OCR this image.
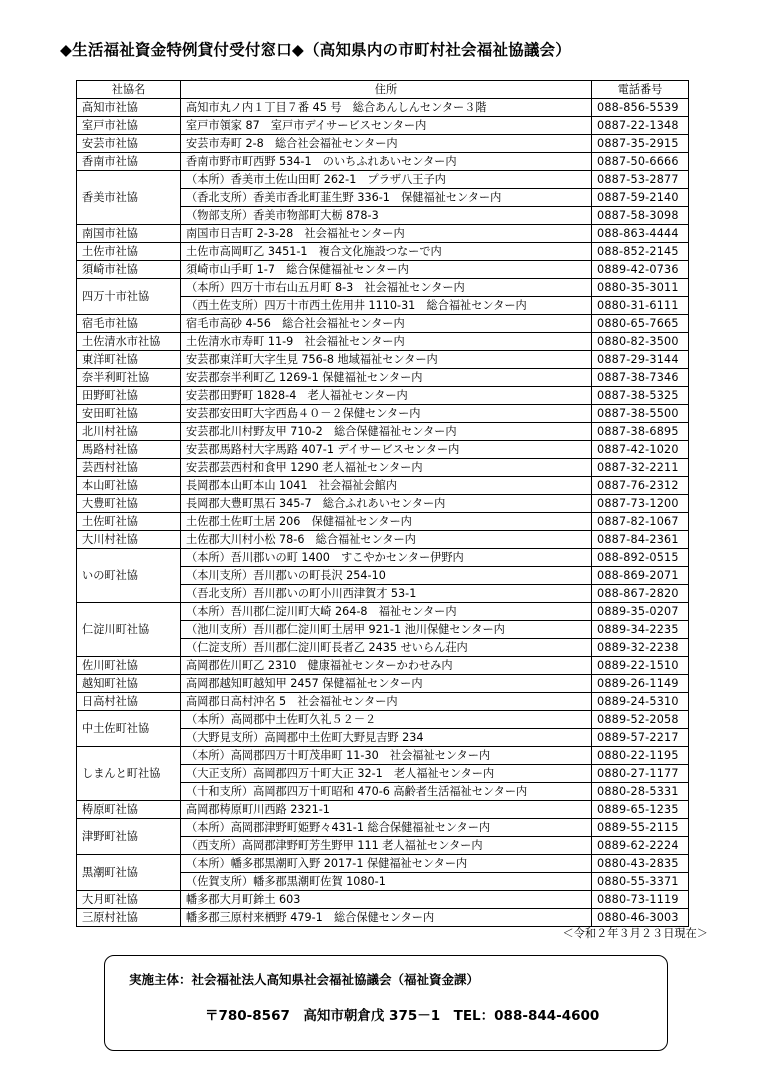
◆生活福祉資金特例貸付受付窓口◆（高知県内の市町村社会福祉協議会）
社協名	住所	電話番号
高知市社協	高知市丸ノ内１丁目７番 45 号　総合あんしんセンター３階	088-856-5539
室戸市社協	室戸市領家 87　室戸市デイサービスセンター内	0887-22-1348
安芸市社協	安芸市寿町 2-8　総合社会福祉センター内	0887-35-2915
香南市社協	香南市野市町西野 534-1　のいちふれあいセンター内	0887-50-6666
香美市社協	（本所）香美市土佐山田町 262-1　プラザ八王子内	0887-53-2877
	（香北支所）香美市香北町韮生野 336-1　保健福祉センター内	0887-59-2140
	（物部支所）香美市物部町大栃 878-3	0887-58-3098
南国市社協	南国市日吉町 2-3-28　社会福祉センター内	088-863-4444
土佐市社協	土佐市高岡町乙 3451-1　複合文化施設つなーで内	088-852-2145
須崎市社協	須崎市山手町 1-7　総合保健福祉センター内	0889-42-0736
四万十市社協	（本所）四万十市右山五月町 8-3　社会福祉センター内	0880-35-3011
	（西土佐支所）四万十市西土佐用井 1110-31　総合福祉センター内	0880-31-6111
宿毛市社協	宿毛市高砂 4-56　総合社会福祉センター内	0880-65-7665
土佐清水市社協	土佐清水市寿町 11-9　社会福祉センター内	0880-82-3500
東洋町社協	安芸郡東洋町大字生見 756-8 地域福祉センター内	0887-29-3144
奈半利町社協	安芸郡奈半利町乙 1269-1 保健福祉センター内	0887-38-7346
田野町社協	安芸郡田野町 1828-4　老人福祉センター内	0887-38-5325
安田町社協	安芸郡安田町大字西島４０－２保健センター内	0887-38-5500
北川村社協	安芸郡北川村野友甲 710-2　総合保健福祉センター内	0887-38-6895
馬路村社協	安芸郡馬路村大字馬路 407-1 デイサービスセンター内	0887-42-1020
芸西村社協	安芸郡芸西村和食甲 1290 老人福祉センター内	0887-32-2211
本山町社協	長岡郡本山町本山 1041　社会福祉会館内	0887-76-2312
大豊町社協	長岡郡大豊町黒石 345-7　総合ふれあいセンター内	0887-73-1200
土佐町社協	土佐郡土佐町土居 206　保健福祉センター内	0887-82-1067
大川村社協	土佐郡大川村小松 78-6　総合福祉センター内	0887-84-2361
いの町社協	（本所）吾川郡いの町 1400　すこやかセンター伊野内	088-892-0515
	（本川支所）吾川郡いの町長沢 254-10	088-869-2071
	（吾北支所）吾川郡いの町小川西津賀才 53-1	088-867-2820
仁淀川町社協	（本所）吾川郡仁淀川町大崎 264-8　福祉センター内	0889-35-0207
	（池川支所）吾川郡仁淀川町土居甲 921-1 池川保健センター内	0889-34-2235
	（仁淀支所）吾川郡仁淀川町長者乙 2435 せいらん荘内	0889-32-2238
佐川町社協	高岡郡佐川町乙 2310　健康福祉センターかわせみ内	0889-22-1510
越知町社協	高岡郡越知町越知甲 2457 保健福祉センター内	0889-26-1149
日高村社協	高岡郡日高村沖名 5　社会福祉センター内	0889-24-5310
中土佐町社協	（本所）高岡郡中土佐町久礼５２－２	0889-52-2058
	（大野見支所）高岡郡中土佐町大野見吉野 234	0889-57-2217
しまんと町社協	（本所）高岡郡四万十町茂串町 11-30　社会福祉センター内	0880-22-1195
	（大正支所）高岡郡四万十町大正 32-1　老人福祉センター内	0880-27-1177
	（十和支所）高岡郡四万十町昭和 470-6 高齢者生活福祉センター内	0880-28-5331
梼原町社協	高岡郡梼原町川西路 2321-1	0889-65-1235
津野町社協	（本所）高岡郡津野町姫野々431-1 総合保健福祉センター内	0889-55-2115
	（西支所）高岡郡津野町芳生野甲 111 老人福祉センター内	0889-62-2224
黒潮町社協	（本所）幡多郡黒潮町入野 2017-1 保健福祉センター内	0880-43-2835
	（佐賀支所）幡多郡黒潮町佐賀 1080-1	0880-55-3371
大月町社協	幡多郡大月町鉾土 603	0880-73-1119
三原村社協	幡多郡三原村来栖野 479-1　総合保健センター内	0880-46-3003
＜令和２年３月２３日現在＞
実施主体：社会福祉法人高知県社会福祉協議会（福祉資金課）
〒780-8567　高知市朝倉戊 375－1　TEL：088-844-4600
